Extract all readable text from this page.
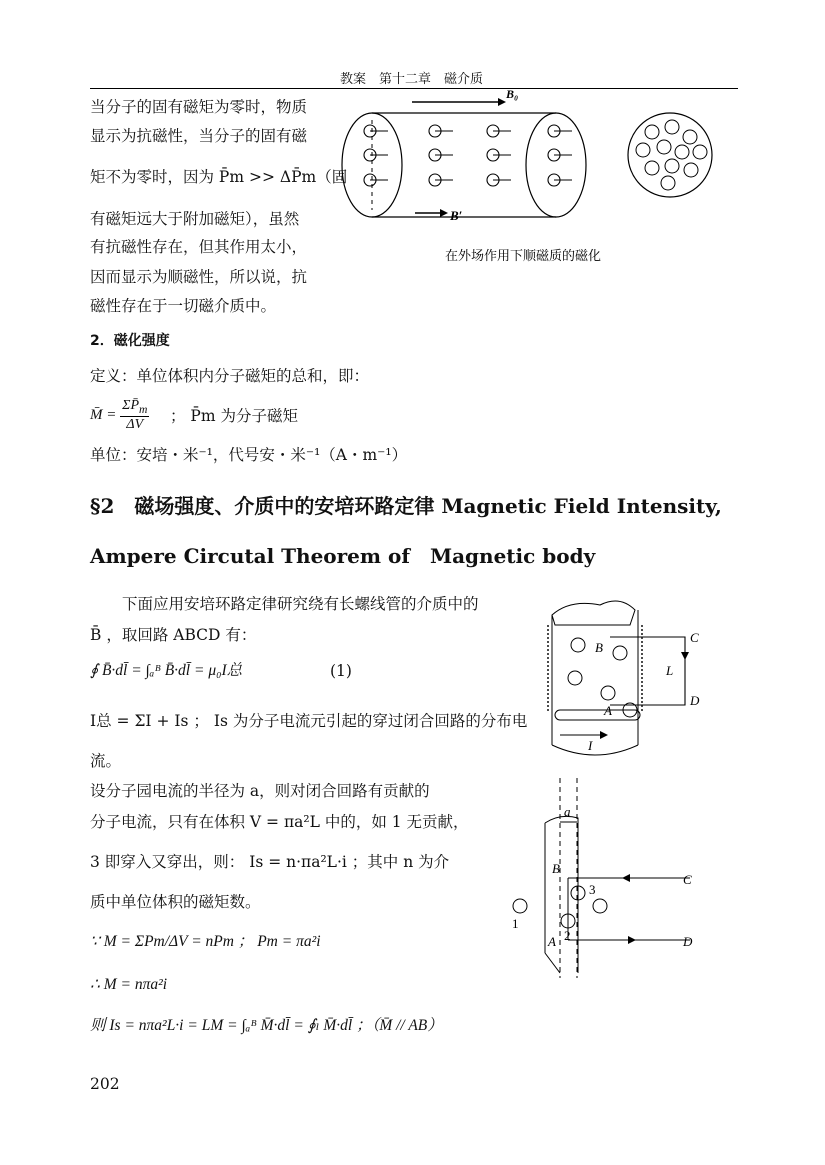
教案　第十二章　磁介质
当分子的固有磁矩为零时，物质
显示为抗磁性，当分子的固有磁
矩不为零时，因为 P̄m >> ΔP̄m（固
有磁矩远大于附加磁矩），虽然
有抗磁性存在，但其作用太小，
因而显示为顺磁性，所以说，抗
磁性存在于一切磁介质中。
B₀
B′
在外场作用下顺磁质的磁化
2．磁化强度
定义：单位体积内分子磁矩的总和，即：
M̄ = $\frac{\Sigma P̄_m}{\Delta V}$ ； P̄m 为分子磁矩
单位：安培・米⁻¹，代号安・米⁻¹（A・m⁻¹）
§2　磁场强度、介质中的安培环路定律 Magnetic Field Intensity,
Ampere Circutal Theorem of　Magnetic body
下面应用安培环路定律研究绕有长螺线管的介质中的
B̄ ，取回路 ABCD 有：
∮ B̄·dl̄ = ∫ₐᴮ B̄·dl̄ = μ₀I总	(1)
I总 = ΣI + Is ； Is 为分子电流元引起的穿过闭合回路的分布电
流。
设分子园电流的半径为 a，则对闭合回路有贡献的
分子电流，只有在体积 V = πa²L 中的，如 1 无贡献，
3 即穿入又穿出，则： Is = n·πa²L·i ；其中 n 为介
质中单位体积的磁矩数。
∵ M = ΣPm/ΔV = nPm ； Pm = πa²i
∴ M = nπa²i
则 Is = nπa²L·i = LM = ∫ₐᴮ M̄·dl̄ = ∮ₗ M̄·dl̄ ；（M̄ // AB）
B
C
L
D
A
I
a
B
C
3
1
2
A	D
202
